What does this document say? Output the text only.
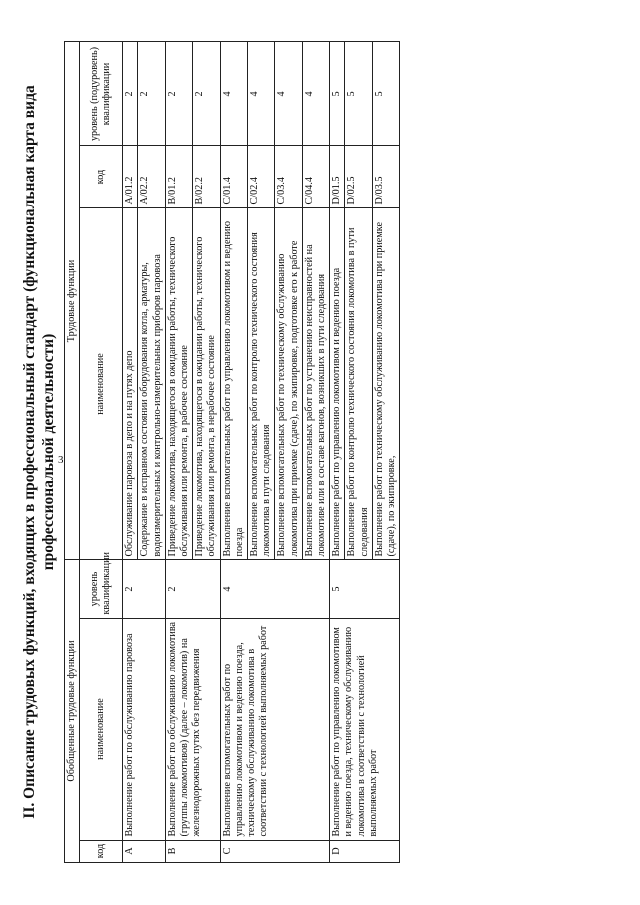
3
II. Описание трудовых функций, входящих в профессиональный стандарт (функциональная карта вида профессиональной деятельности)
Обобщенные трудовые функции			Трудовые функции		
код	наименование	уровень квалификации	наименование	код	уровень (подуровень) квалификации
A	Выполнение работ по обслуживанию паровоза	2	Обслуживание паровоза в депо и на путях депо	A/01.2	2
			Содержание в исправном состоянии оборудования котла, арматуры, водоизмерительных и контрольно-измерительных приборов паровоза	A/02.2	2
B	Выполнение работ по обслуживанию локомотива (группы локомотивов) (далее – локомотив) на железнодорожных путях без передвижения	2	Приведение локомотива, находящегося в ожидании работы, технического обслуживания или ремонта, в рабочее состояние	B/01.2	2
			Приведение локомотива, находящегося в ожидании работы, технического обслуживания или ремонта, в нерабочее состояние	B/02.2	2
C	Выполнение вспомогательных работ по управлению локомотивом и ведению поезда, техническому обслуживанию локомотива в соответствии с технологией выполняемых работ	4	Выполнение вспомогательных работ по управлению локомотивом и ведению поезда	C/01.4	4
			Выполнение вспомогательных работ по контролю технического состояния локомотива в пути следования	C/02.4	4
			Выполнение вспомогательных работ по техническому обслуживанию локомотива при приемке (сдаче), по экипировке, подготовке его к работе	C/03.4	4
			Выполнение вспомогательных работ по устранению неисправностей на локомотиве или в составе вагонов, возникших в пути следования	C/04.4	4
D	Выполнение работ по управлению локомотивом и ведению поезда, техническому обслуживанию локомотива в соответствии с технологией выполняемых работ	5	Выполнение работ по управлению локомотивом и ведению поезда	D/01.5	5
			Выполнение работ по контролю технического состояния локомотива в пути следования	D/02.5	5
			Выполнение работ по техническому обслуживанию локомотива при приемке (сдаче), по экипировке,	D/03.5	5
